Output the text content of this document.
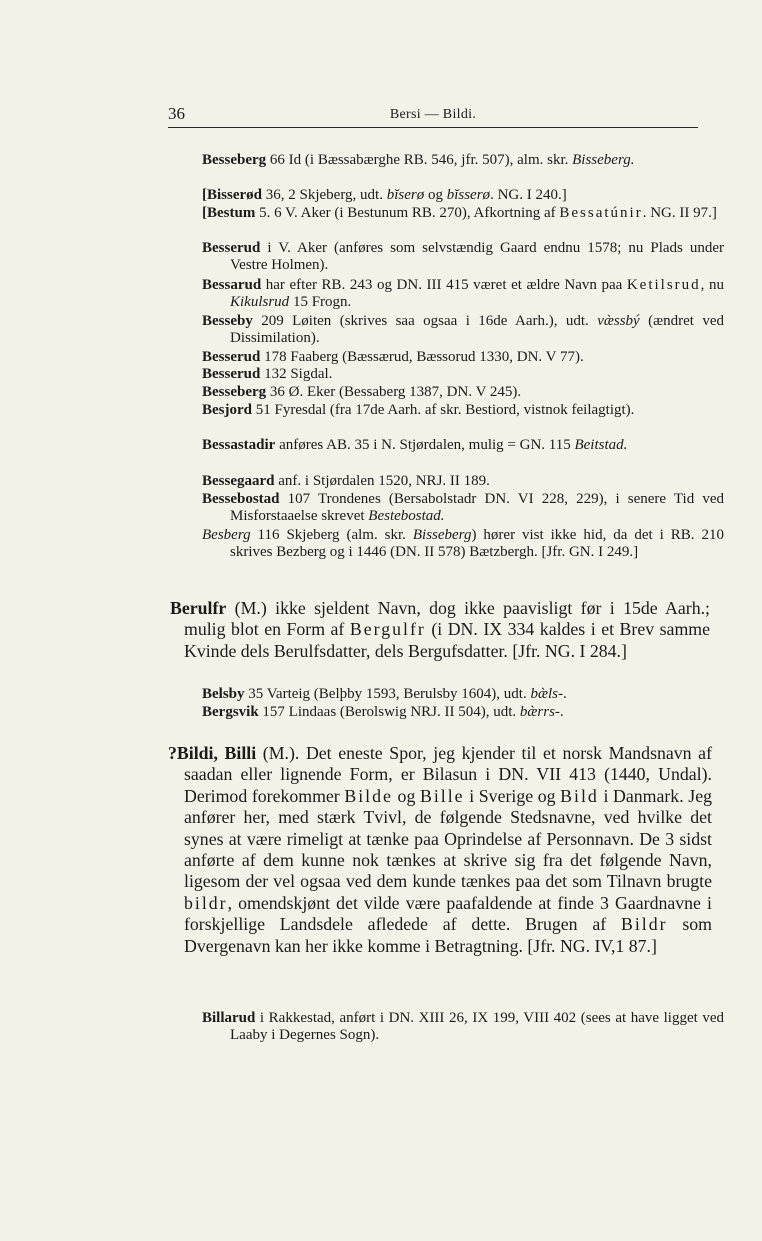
36	Bersi — Bildi.
Besseberg 66 Id (i Bæssabærghe RB. 546, jfr. 507), alm. skr. Bisseberg.
[Bisserød 36, 2 Skjeberg, udt. bĭserø og bĭsserø. NG. I 240.]
[Bestum 5. 6 V. Aker (i Bestunum RB. 270), Afkortning af Bessatúnir. NG. II 97.]
Besserud i V. Aker (anføres som selvstændig Gaard endnu 1578; nu Plads under Vestre Holmen).
Bessarud har efter RB. 243 og DN. III 415 været et ældre Navn paa Ketilsrud, nu Kikulsrud 15 Frogn.
Besseby 209 Løiten (skrives saa ogsaa i 16de Aarh.), udt. væ̀ssbý (ændret ved Dissimilation).
Besserud 178 Faaberg (Bæssærud, Bæssorud 1330, DN. V 77).
Besserud 132 Sigdal.
Besseberg 36 Ø. Eker (Bessaberg 1387, DN. V 245).
Besjord 51 Fyresdal (fra 17de Aarh. af skr. Bestiord, vistnok feilagtigt).
Bessastadir anføres AB. 35 i N. Stjørdalen, mulig = GN. 115 Beitstad.
Bessegaard anf. i Stjørdalen 1520, NRJ. II 189.
Bessebostad 107 Trondenes (Bersabolstadr DN. VI 228, 229), i senere Tid ved Misforstaaelse skrevet Bestebostad.
Besberg 116 Skjeberg (alm. skr. Bisseberg) hører vist ikke hid, da det i RB. 210 skrives Bezberg og i 1446 (DN. II 578) Bætzbergh. [Jfr. GN. I 249.]
Berulfr (M.) ikke sjeldent Navn, dog ikke paavisligt før i 15de Aarh.; mulig blot en Form af Bergulfr (i DN. IX 334 kaldes i et Brev samme Kvinde dels Berulfsdatter, dels Bergufsdatter. [Jfr. NG. I 284.]
Belsby 35 Varteig (Belþby 1593, Berulsby 1604), udt. bæ̀ls-.
Bergsvik 157 Lindaas (Berolswig NRJ. II 504), udt. bæ̀rrs-.
?Bildi, Billi (M.). Det eneste Spor, jeg kjender til et norsk Mandsnavn af saadan eller lignende Form, er Bilasun i DN. VII 413 (1440, Undal). Derimod forekommer Bilde og Bille i Sverige og Bild i Danmark. Jeg anfører her, med stærk Tvivl, de følgende Stedsnavne, ved hvilke det synes at være rimeligt at tænke paa Oprindelse af Personnavn. De 3 sidst anførte af dem kunne nok tænkes at skrive sig fra det følgende Navn, ligesom der vel ogsaa ved dem kunde tænkes paa det som Tilnavn brugte bildr, omendskjønt det vilde være paafaldende at finde 3 Gaardnavne i forskjellige Landsdele afledede af dette. Brugen af Bildr som Dvergenavn kan her ikke komme i Betragtning. [Jfr. NG. IV,1 87.]
Billarud i Rakkestad, anført i DN. XIII 26, IX 199, VIII 402 (sees at have ligget ved Laaby i Degernes Sogn).
